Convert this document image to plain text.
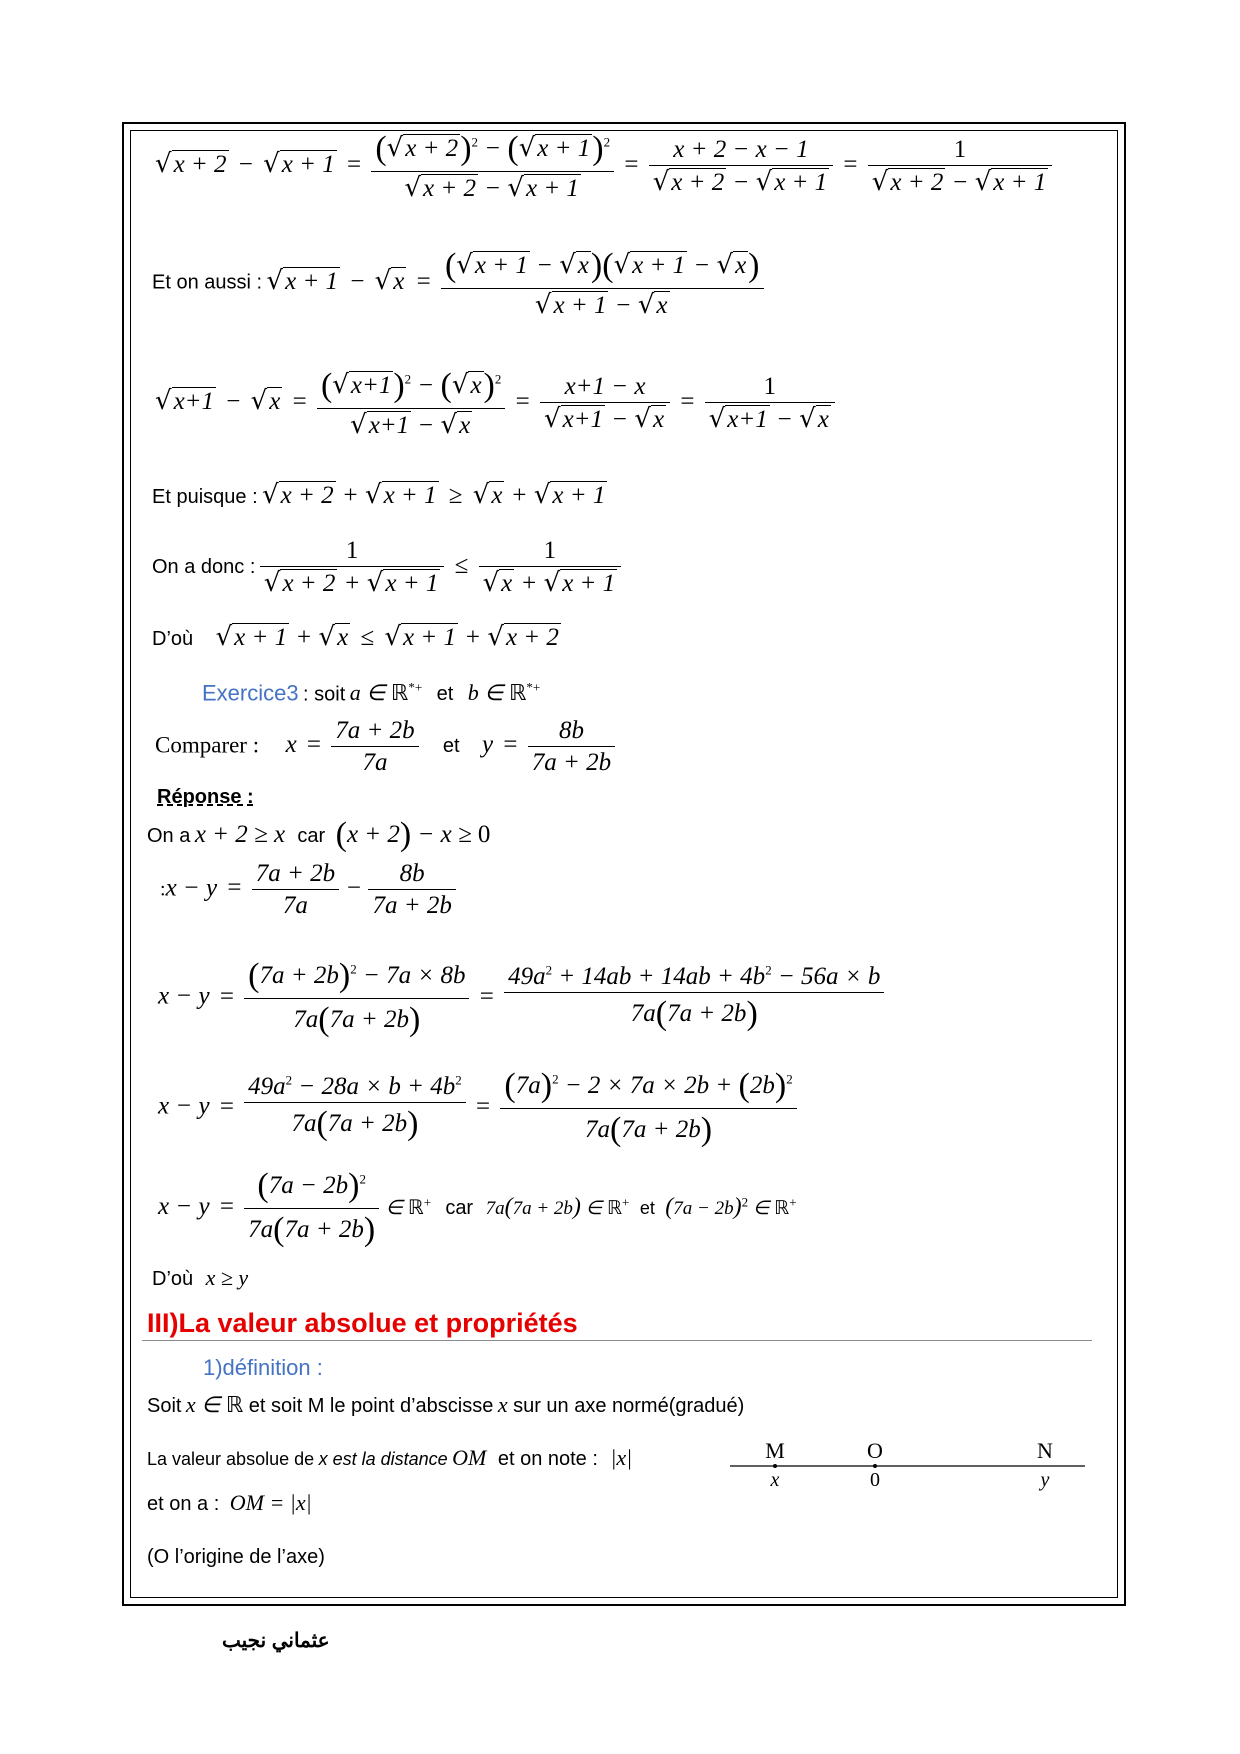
$√x + 2 - √x + 1 = \frac{(√x + 2)^2 - (√x + 1)^2}{√x + 2 - √x + 1} = \frac{x + 2 - x - 1}{√x + 2 - √x + 1} = \frac{1}{√x + 2 - √x + 1}$
Et on aussi : $√x + 1 - √x = \frac{(√x + 1 - √x)(√x + 1 - √x)}{√x + 1 - √x}$
$√x+1 - √x = \frac{(√x+1)^2 - (√x)^2}{√x+1 - √x} = \frac{x+1 - x}{√x+1 - √x} = \frac{1}{√x+1 - √x}$
Et puisque : √x + 2 + √x + 1 ≥ √x + √x + 1
On a donc : $\frac{1}{√x + 2 + √x + 1} \le \frac{1}{√x + √x + 1}$
D’où √x + 1 + √x ≤ √x + 1 + √x + 2
Exercice3 : soit a ∈ ℝ*+ et b ∈ ℝ*+
Comparer : $x = \frac{7a + 2b}{7a}$ et $y = \frac{8b}{7a + 2b}$
Réponse :
On a x + 2 ≥ x car (x + 2) − x ≥ 0
:x − $y = \frac{7a + 2b}{7a} - \frac{8b}{7a + 2b}$
$x - y = \frac{(7a + 2b)^2 - 7a \times 8b}{7a(7a + 2b)} = \frac{49a^2 + 14ab + 14ab + 4b^2 - 56a \times b}{7a(7a + 2b)}$
$x - y = \frac{49a^2 - 28a \times b + 4b^2}{7a(7a + 2b)} = \frac{(7a)^2 - 2 \times 7a \times 2b + (2b)^2}{7a(7a + 2b)}$
$x - y = \frac{(7a - 2b)^2}{7a(7a + 2b)}$ ∈ ℝ+ car 7a(7a + 2b) ∈ ℝ+ et $(7a - 2b)^2$ ∈ ℝ+
D’où x ≥ y
III)La valeur absolue et propriétés
1)définition :
Soit x ∈ ℝ et soit M le point d’abscisse x sur un axe normé(gradué)
La valeur absolue de x est la distance OM et on note : |x|	M	O	N
x	0	y
et on a : OM = |x|
(O l’origine de l’axe)
عثماني نجيب
